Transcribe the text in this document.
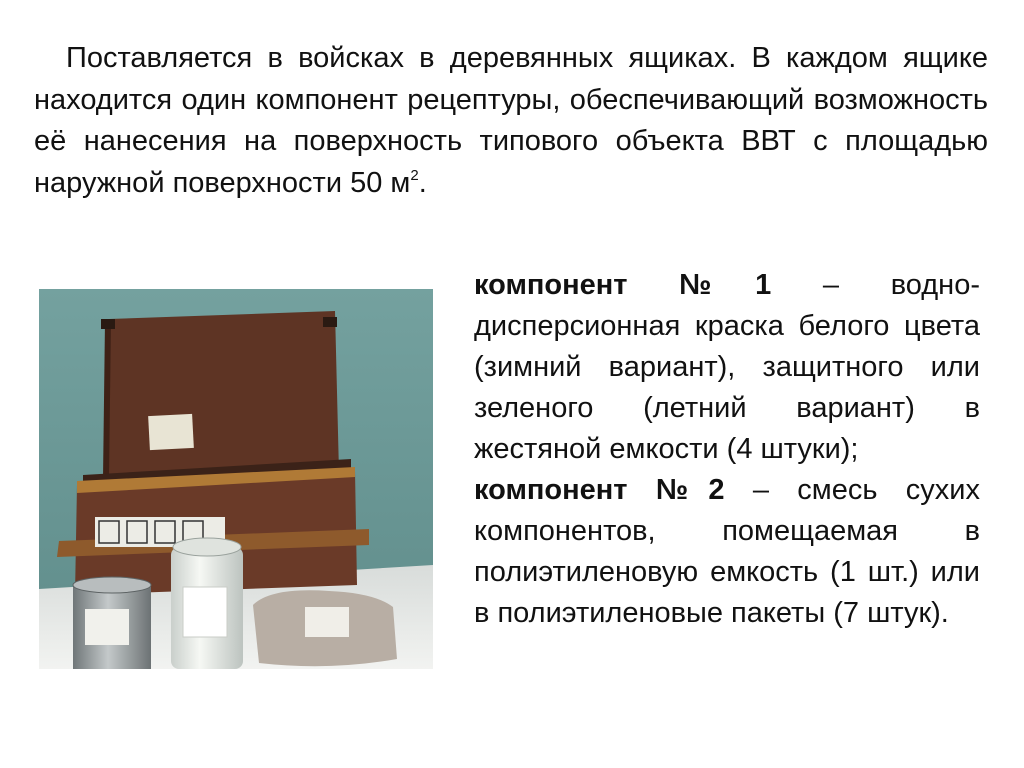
Поставляется в войсках в деревянных ящиках. В каждом ящике находится один компонент рецептуры, обеспечивающий возможность её нанесения на поверхность типового объекта ВВТ с площадью наружной поверхности 50 $м^2$.

компонент №1 – водно-дисперсионная краска белого цвета (зимний вариант), защитного или зеленого (летний вариант) в жестяной емкости (4 штуки);

компонент №2 – смесь сухих компонентов, помещаемая в полиэтиленовую емкость (1 шт.) или в полиэтиленовые пакеты (7 штук).
